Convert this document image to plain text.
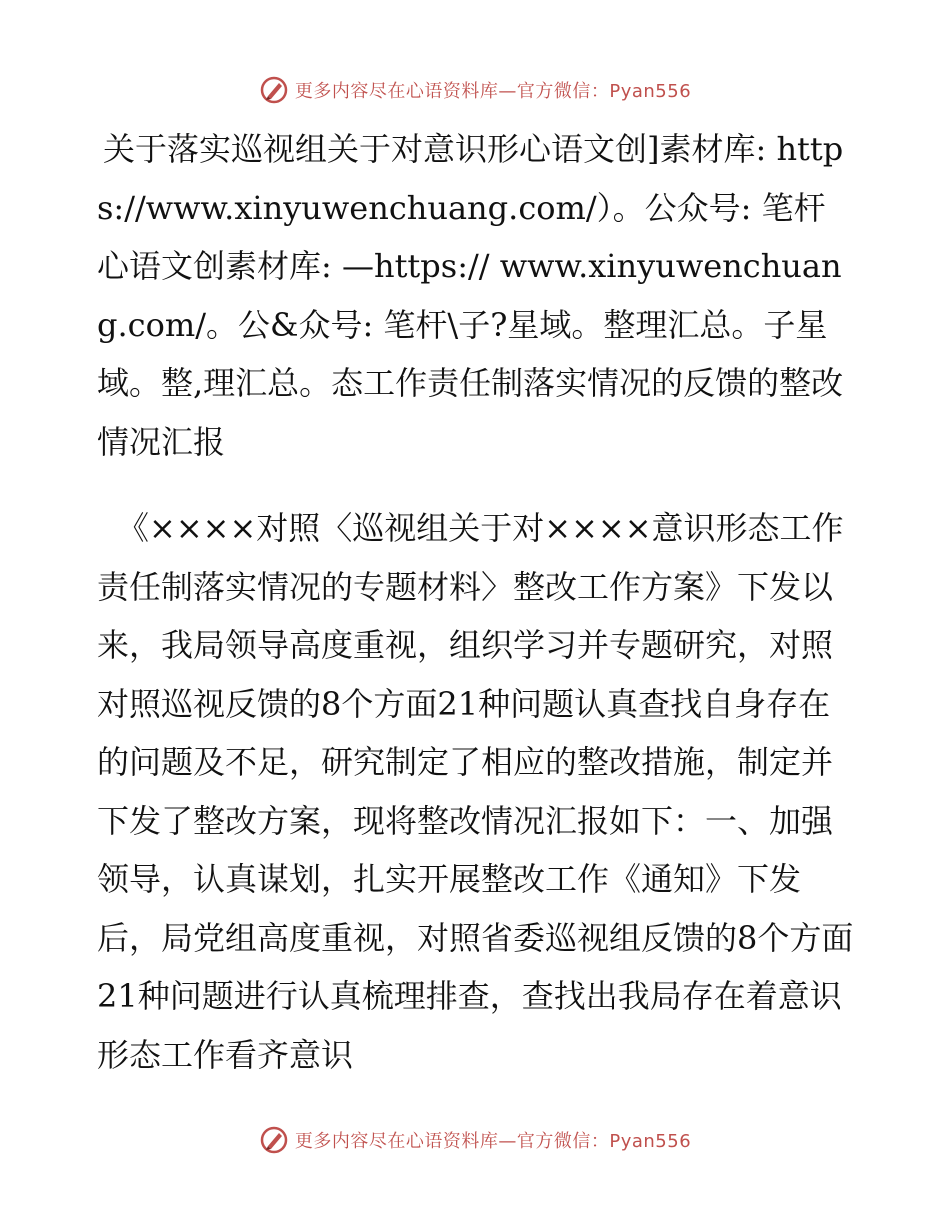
更多内容尽在心语资料库—官方微信：Pyan556

关于落实巡视组关于对意识形心语文创]素材库: https://www.xinyuwenchuang.com/）。公众号: 笔杆心语文创素材库: —https:// www.xinyuwenchuang.com/。公&众号: 笔杆\子?星域。整理汇总。子星域。整,理汇总。态工作责任制落实情况的反馈的整改情况汇报

《××××对照〈巡视组关于对××××意识形态工作责任制落实情况的专题材料〉整改工作方案》下发以来，我局领导高度重视，组织学习并专题研究，对照对照巡视反馈的8个方面21种问题认真查找自身存在的问题及不足，研究制定了相应的整改措施，制定并下发了整改方案，现将整改情况汇报如下：一、加强领导，认真谋划，扎实开展整改工作《通知》下发后，局党组高度重视，对照省委巡视组反馈的8个方面21种问题进行认真梳理排查，查找出我局存在着意识形态工作看齐意识

更多内容尽在心语资料库—官方微信：Pyan556
